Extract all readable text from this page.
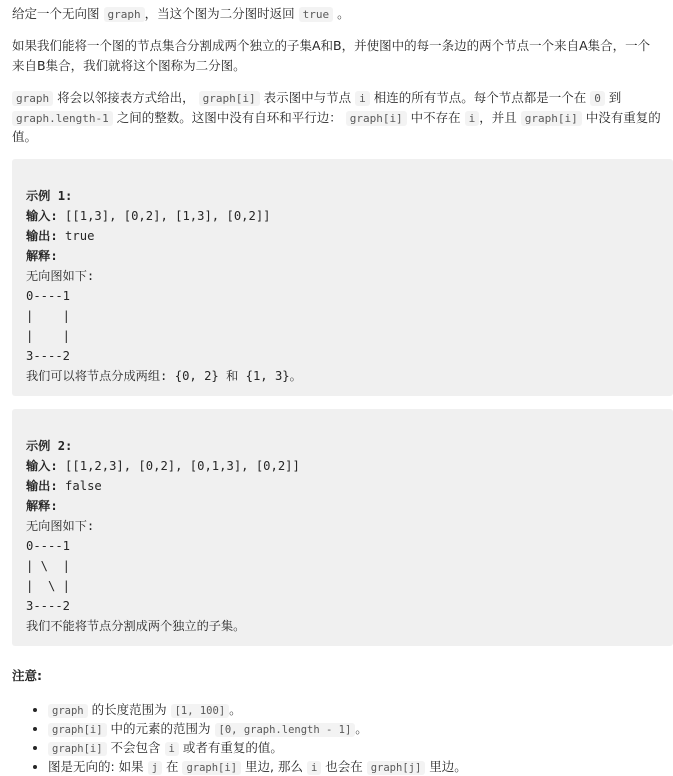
给定一个无向图 graph ，当这个图为二分图时返回 true 。

如果我们能将一个图的节点集合分割成两个独立的子集A和B，并使图中的每一条边的两个节点一个来自A集合，一个来自B集合，我们就将这个图称为二分图。

graph 将会以邻接表方式给出， graph[i] 表示图中与节点 i 相连的所有节点。每个节点都是一个在 0 到 graph.length-1 之间的整数。这图中没有自环和平行边： graph[i] 中不存在 i ，并且 graph[i] 中没有重复的值。

示例 1:
输入: [[1,3], [0,2], [1,3], [0,2]]
输出: true
解释:
无向图如下:
0----1
|    |
|    |
3----2
我们可以将节点分成两组: {0, 2} 和 {1, 3}。
示例 2:
输入: [[1,2,3], [0,2], [0,1,3], [0,2]]
输出: false
解释:
无向图如下:
0----1
| \  |
|  \ |
3----2
我们不能将节点分割成两个独立的子集。
注意:
• graph 的长度范围为 [1, 100] 。
• graph[i] 中的元素的范围为 [0, graph.length - 1] 。
• graph[i] 不会包含 i 或者有重复的值。
• 图是无向的: 如果 j 在 graph[i] 里边, 那么 i 也会在 graph[j] 里边。
